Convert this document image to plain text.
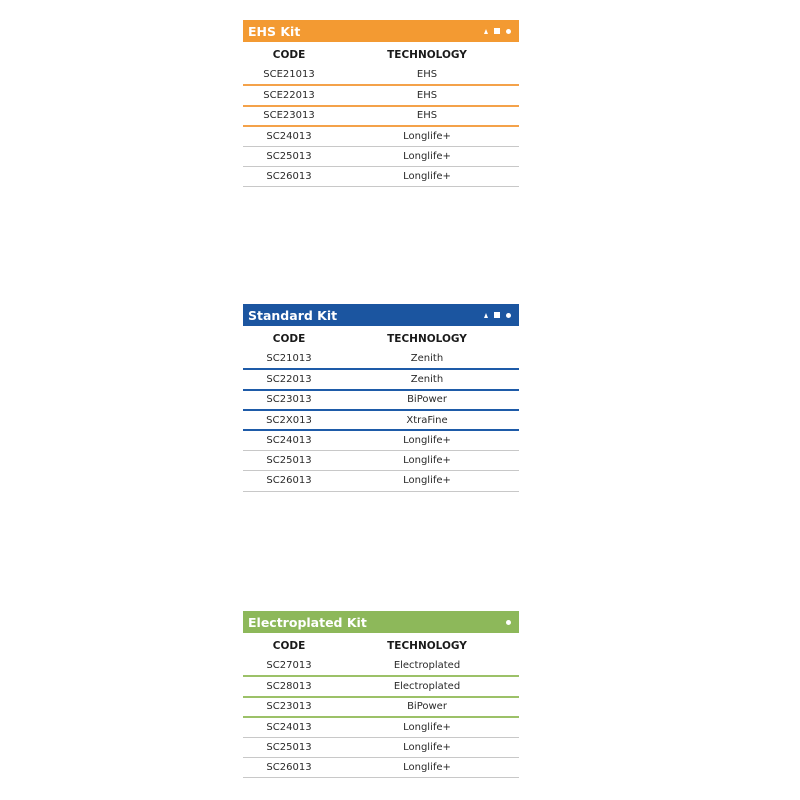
EHS Kit
CODE	TECHNOLOGY
SCE21013	EHS
SCE22013	EHS
SCE23013	EHS
SC24013	Longlife+
SC25013	Longlife+
SC26013	Longlife+
Standard Kit
CODE	TECHNOLOGY
SC21013	Zenith
SC22013	Zenith
SC23013	BiPower
SC2X013	XtraFine
SC24013	Longlife+
SC25013	Longlife+
SC26013	Longlife+
Electroplated Kit
CODE	TECHNOLOGY
SC27013	Electroplated
SC28013	Electroplated
SC23013	BiPower
SC24013	Longlife+
SC25013	Longlife+
SC26013	Longlife+
